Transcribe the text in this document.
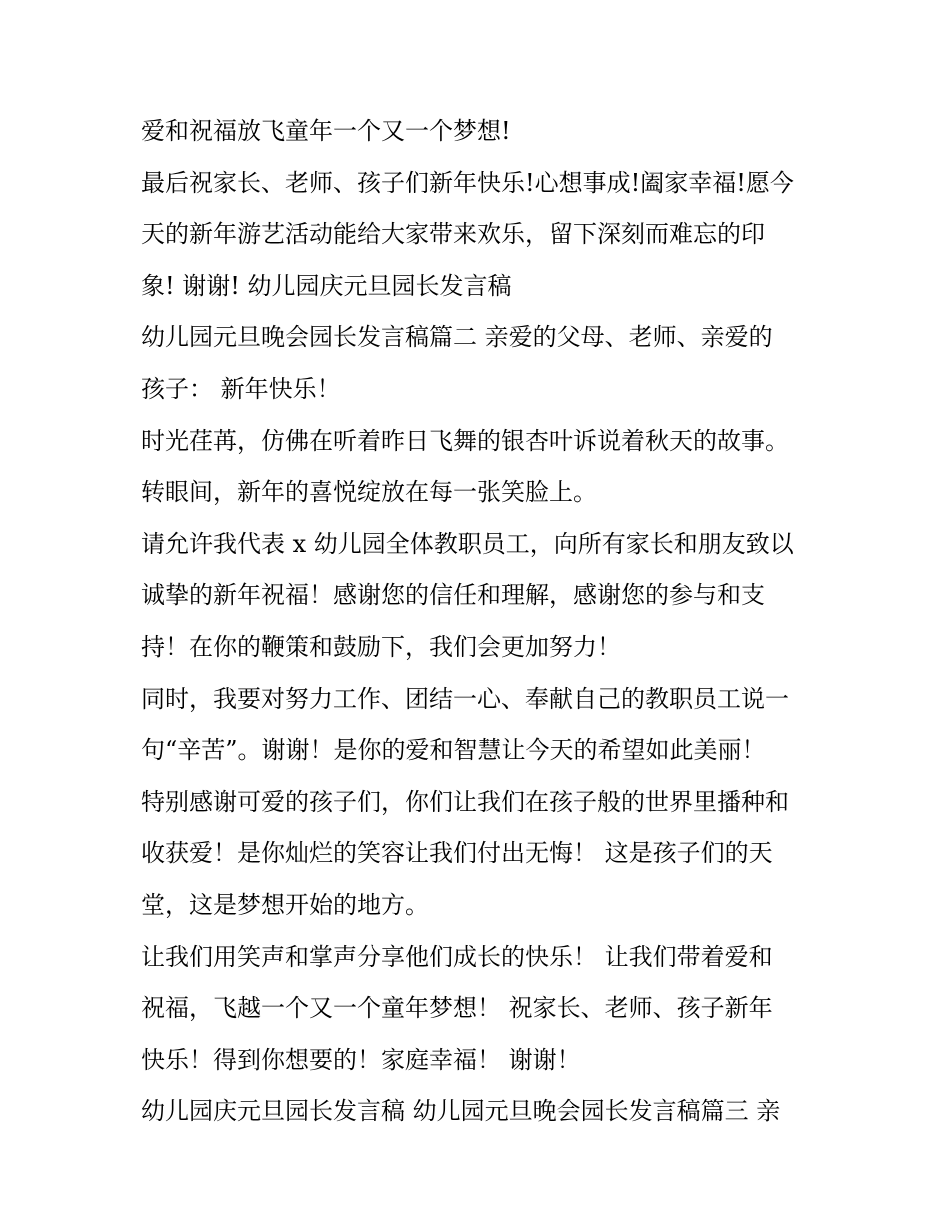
爱和祝福放飞童年一个又一个梦想!
最后祝家长、老师、孩子们新年快乐!心想事成!阖家幸福!愿今
天的新年游艺活动能给大家带来欢乐，留下深刻而难忘的印
象! 谢谢! 幼儿园庆元旦园长发言稿
幼儿园元旦晚会园长发言稿篇二 亲爱的父母、老师、亲爱的
孩子： 新年快乐！
时光荏苒，仿佛在听着昨日飞舞的银杏叶诉说着秋天的故事。
转眼间，新年的喜悦绽放在每一张笑脸上。
请允许我代表 x 幼儿园全体教职员工，向所有家长和朋友致以
诚挚的新年祝福！感谢您的信任和理解，感谢您的参与和支
持！在你的鞭策和鼓励下，我们会更加努力！
同时，我要对努力工作、团结一心、奉献自己的教职员工说一
句“辛苦”。谢谢！是你的爱和智慧让今天的希望如此美丽！
特别感谢可爱的孩子们，你们让我们在孩子般的世界里播种和
收获爱！是你灿烂的笑容让我们付出无悔！ 这是孩子们的天
堂，这是梦想开始的地方。
让我们用笑声和掌声分享他们成长的快乐！ 让我们带着爱和
祝福，飞越一个又一个童年梦想！ 祝家长、老师、孩子新年
快乐！得到你想要的！家庭幸福！ 谢谢！
幼儿园庆元旦园长发言稿 幼儿园元旦晚会园长发言稿篇三 亲
